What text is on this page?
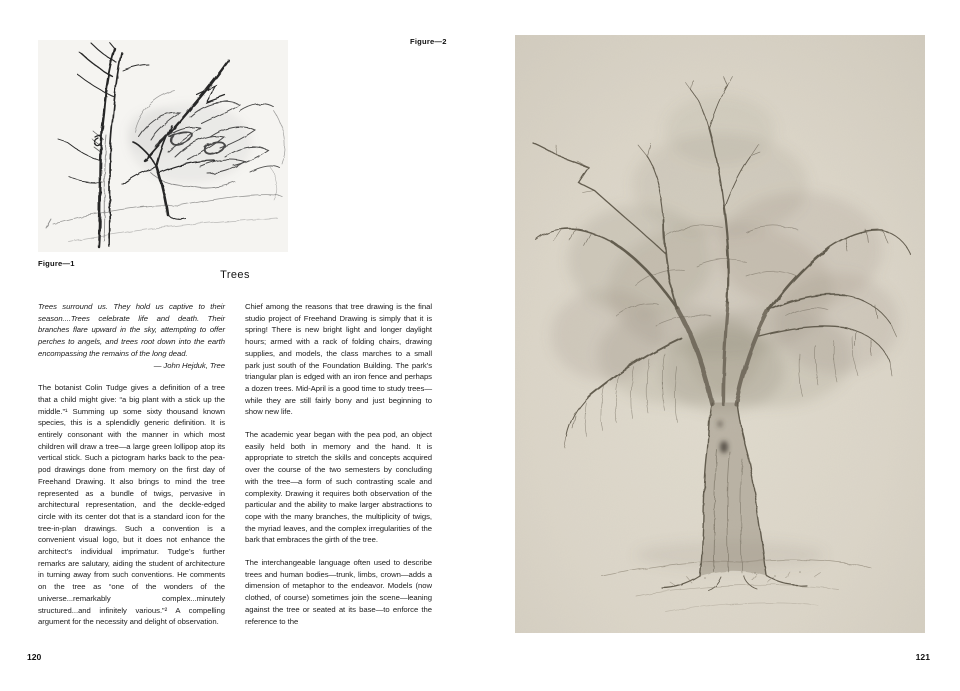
Figure—1
Figure—2
Trees

Trees surround us. They hold us captive to their season....Trees celebrate life and death. Their branches flare upward in the sky, attempting to offer perches to angels, and trees root down into the earth encompassing the remains of the long dead.

— John Hejduk, Tree

The botanist Colin Tudge gives a definition of a tree that a child might give: “a big plant with a stick up the middle.”¹ Summing up some sixty thousand known species, this is a splendidly generic definition. It is entirely consonant with the manner in which most children will draw a tree—a large green lollipop atop its vertical stick. Such a pictogram harks back to the pea-pod drawings done from memory on the first day of Freehand Drawing. It also brings to mind the tree represented as a bundle of twigs, pervasive in architectural representation, and the deckle-edged circle with its center dot that is a standard icon for the tree-in-plan drawings. Such a convention is a convenient visual logo, but it does not enhance the architect’s individual imprimatur. Tudge’s further remarks are salutary, aiding the student of architecture in turning away from such conventions. He comments on the tree as “one of the wonders of the universe...remarkably complex...minutely structured...and infinitely various.”² A compelling argument for the necessity and delight of observation.

Chief among the reasons that tree drawing is the final studio project of Freehand Drawing is simply that it is spring! There is new bright light and longer daylight hours; armed with a rack of folding chairs, drawing supplies, and models, the class marches to a small park just south of the Foundation Building. The park’s triangular plan is edged with an iron fence and perhaps a dozen trees. Mid-April is a good time to study trees—while they are still fairly bony and just beginning to show new life.

The academic year began with the pea pod, an object easily held both in memory and the hand. It is appropriate to stretch the skills and concepts acquired over the course of the two semesters by concluding with the tree—a form of such contrasting scale and complexity. Drawing it requires both observation of the particular and the ability to make larger abstractions to cope with the many branches, the multiplicity of twigs, the myriad leaves, and the complex irregularities of the bark that embraces the girth of the tree.

The interchangeable language often used to describe trees and human bodies—trunk, limbs, crown—adds a dimension of metaphor to the endeavor. Models (now clothed, of course) sometimes join the scene—leaning against the tree or seated at its base—to enforce the reference to the

120	121
